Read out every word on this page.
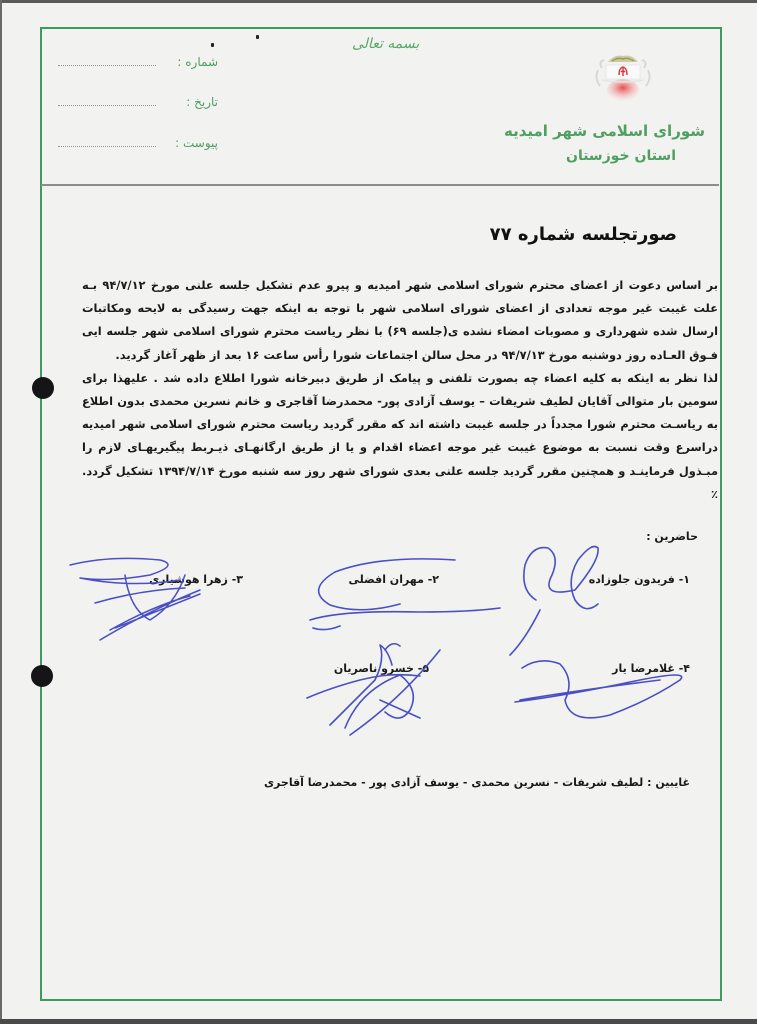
شورای اسلامی شهر امیدیه
استان خوزستان
بسمه تعالی
شماره :
تاریخ :
پیوست :
صورتجلسه شماره ۷۷

بر اساس دعوت از اعضای محترم شورای اسلامی شهر امیدیه و پیرو عدم تشکیل جلسه علنی مورخ ۹۴/۷/۱۲ بـه علت غیبت غیر موجه تعدادی از اعضای شورای اسلامی شهر با توجه به اینکه جهت رسیدگی به لایحه ومکاتبات ارسال شده شهرداری و مصوبات امضاء نشده ی(جلسه ۶۹) با نظر ریاست محترم شورای اسلامی شهر جلسه ایی فـوق العـاده روز دوشنبه مورخ ۹۴/۷/۱۳ در محل سالن اجتماعات شورا رأس ساعت ۱۶ بعد از ظهر آغاز گردید.

لذا نظر به اینکه به کلیه اعضاء چه بصورت تلفنی و پیامک از طریق دبیرخانه شورا اطلاع داده شد . علیهذا برای سومین بار متوالی آقایان لطیف شریفات – یوسف آزادی پور- محمدرضا آقاجری و خانم نسرین محمدی بدون اطلاع به ریاسـت محترم شورا مجدداً در جلسه غیبت داشته اند که مقرر گردید ریاست محترم شورای اسلامی شهر امیدیه دراسرع وقت نسبت به موضوع غیبت غیر موجه اعضاء اقدام و یا از طریق ارگانهـای ذیـربط پیگیریهـای لازم را مبـذول فرماینـد و همچنین مقرر گردید جلسه علنی بعدی شورای شهر روز سه شنبه مورخ ۱۳۹۴/۷/۱۴ تشکیل گردد.٪

حاضرین :
۱- فریدون جلوزاده
۲- مهران افضلی
۳- زهرا هوشیاری
۴- غلامرضا یار
۵- خسرو ناصریان
غایبین : لطیف شریفات - نسرین محمدی - یوسف آزادی پور - محمدرضا آقاجری
